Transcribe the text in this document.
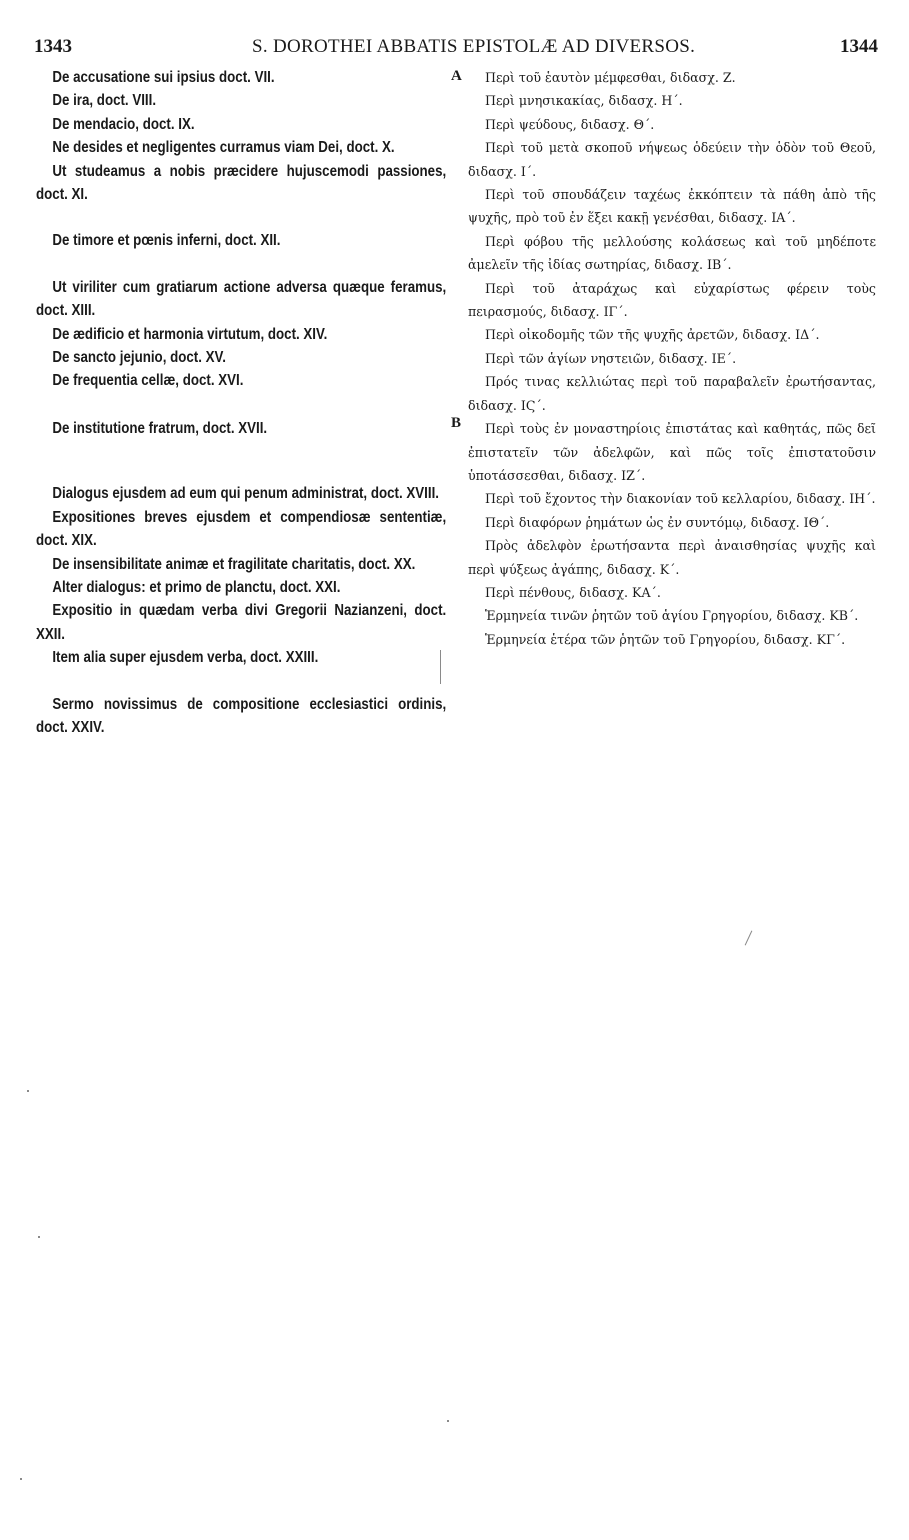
1343	S. DOROTHEI ABBATIS EPISTOLÆ AD DIVERSOS.	1344
A
B
De accusatione sui ipsius doct. VII.
De ira, doct. VIII.
De mendacio, doct. IX.
Ne desides et negligentes curramus viam Dei, doct. X.
Ut studeamus a nobis præcidere hujuscemodi passiones, doct. XI.
De timore et pœnis inferni, doct. XII.
Ut viriliter cum gratiarum actione adversa quæque feramus, doct. XIII.
De ædificio et harmonia virtutum, doct. XIV.
De sancto jejunio, doct. XV.
De frequentia cellæ, doct. XVI.
De institutione fratrum, doct. XVII.
Dialogus ejusdem ad eum qui penum administrat, doct. XVIII.
Expositiones breves ejusdem et compendiosæ sententiæ, doct. XIX.
De insensibilitate animæ et fragilitate charitatis, doct. XX.
Alter dialogus: et primo de planctu, doct. XXI.
Expositio in quædam verba divi Gregorii Nazianzeni, doct. XXII.
Item alia super ejusdem verba, doct. XXIII.
Sermo novissimus de compositione ecclesiastici ordinis, doct. XXIV.
Περὶ τοῦ ἑαυτὸν μέμφεσθαι, διδασχ. Ζ.
Περὶ μνησικακίας, διδασχ. Η΄.
Περὶ ψεύδους, διδασχ. Θ΄.
Περὶ τοῦ μετὰ σκοποῦ νήψεως ὁδεύειν τὴν ὁδὸν τοῦ Θεοῦ, διδασχ. Ι΄.
Περὶ τοῦ σπουδάζειν ταχέως ἐκκόπτειν τὰ πάθη ἀπὸ τῆς ψυχῆς, πρὸ τοῦ ἐν ἕξει κακῇ γενέσθαι, διδασχ. ΙΑ΄.
Περὶ φόβου τῆς μελλούσης κολάσεως καὶ τοῦ μηδέποτε ἀμελεῖν τῆς ἰδίας σωτηρίας, διδασχ. ΙΒ΄.
Περὶ τοῦ ἀταράχως καὶ εὐχαρίστως φέρειν τοὺς πειρασμούς, διδασχ. ΙΓ΄.
Περὶ οἰκοδομῆς τῶν τῆς ψυχῆς ἀρετῶν, διδασχ. ΙΔ΄.
Περὶ τῶν ἁγίων νηστειῶν, διδασχ. ΙΕ΄.
Πρός τινας κελλιώτας περὶ τοῦ παραβαλεῖν ἐρωτήσαντας, διδασχ. ΙϚ΄.
Περὶ τοὺς ἐν μοναστηρίοις ἐπιστάτας καὶ καθητάς, πῶς δεῖ ἐπιστατεῖν τῶν ἀδελφῶν, καὶ πῶς τοῖς ἐπιστατοῦσιν ὑποτάσσεσθαι, διδασχ. ΙΖ΄.
Περὶ τοῦ ἔχοντος τὴν διακονίαν τοῦ κελλαρίου, διδασχ. ΙΗ΄.
Περὶ διαφόρων ῥημάτων ὡς ἐν συντόμῳ, διδασχ. ΙΘ΄.
Πρὸς ἀδελφὸν ἐρωτήσαντα περὶ ἀναισθησίας ψυχῆς καὶ περὶ ψύξεως ἀγάπης, διδασχ. Κ΄.
Περὶ πένθους, διδασχ. ΚΑ΄.
Ἑρμηνεία τινῶν ῥητῶν τοῦ ἁγίου Γρηγορίου, διδασχ. ΚΒ΄.
Ἑρμηνεία ἑτέρα τῶν ῥητῶν τοῦ Γρηγορίου, διδασχ. ΚΓ΄.
